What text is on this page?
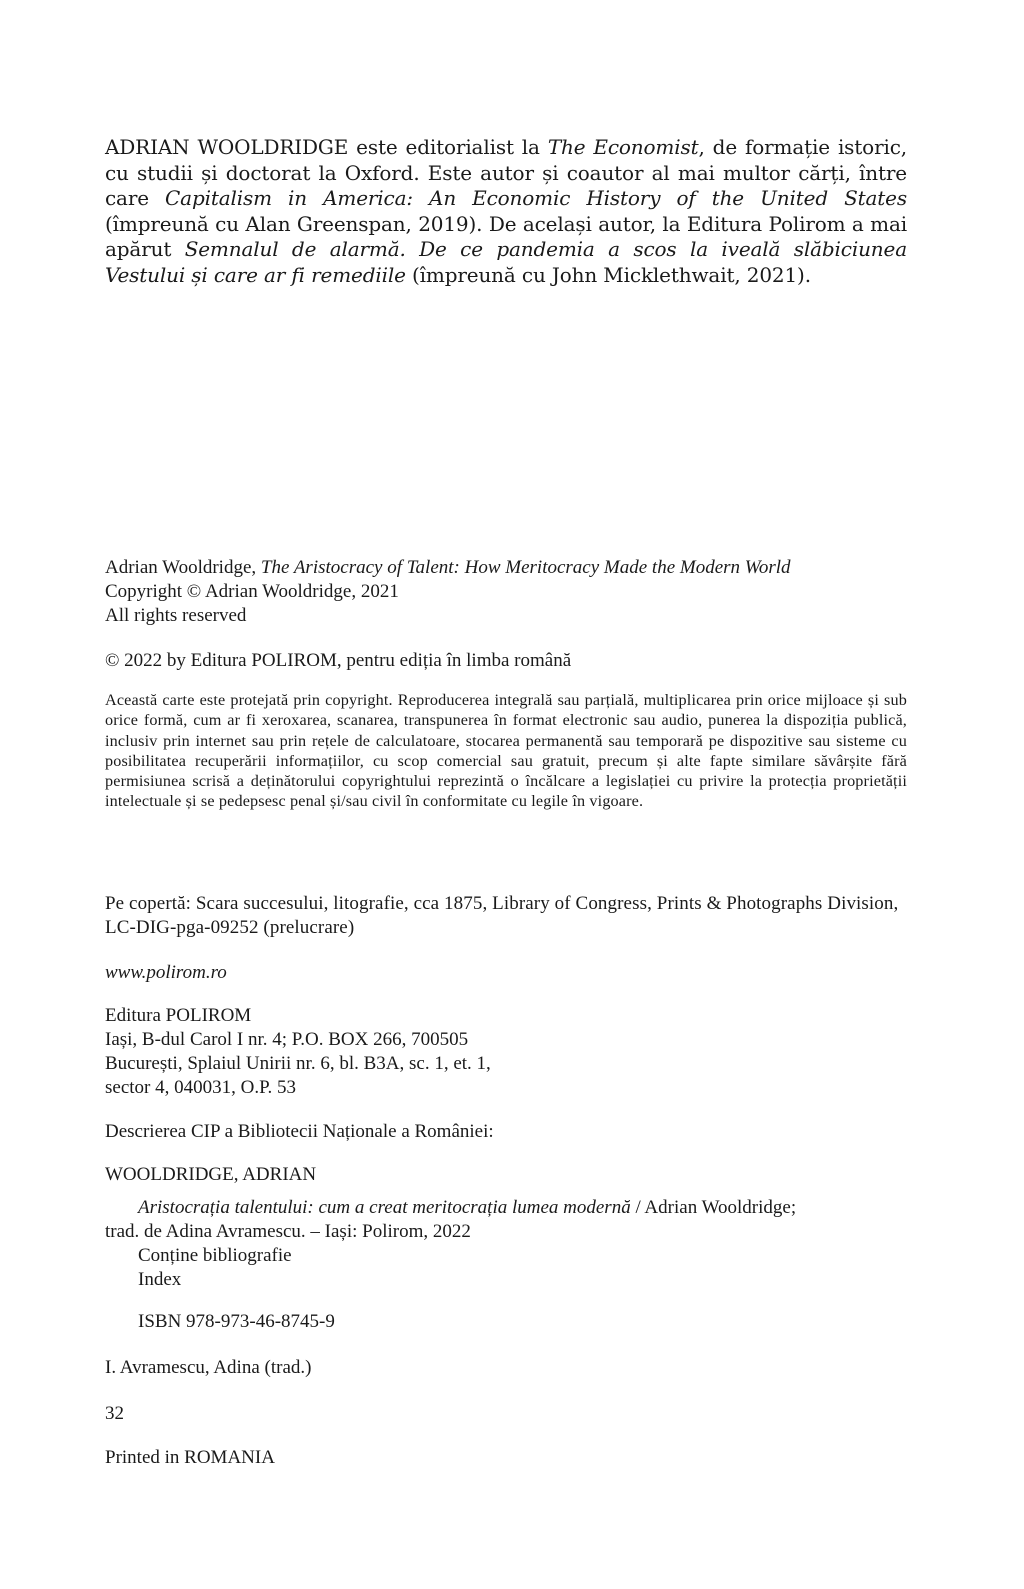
ADRIAN WOOLDRIDGE este editorialist la The Economist, de formație istoric, cu studii și doctorat la Oxford. Este autor și coautor al mai multor cărți, între care Capitalism in America: An Economic History of the United States (împreună cu Alan Greenspan, 2019). De același autor, la Editura Polirom a mai apărut Semnalul de alarmă. De ce pandemia a scos la iveală slăbiciunea Vestului și care ar fi remediile (împreună cu John Micklethwait, 2021).

Adrian Wooldridge, The Aristocracy of Talent: How Meritocracy Made the Modern World

Copyright © Adrian Wooldridge, 2021

All rights reserved

© 2022 by Editura POLIROM, pentru ediția în limba română

Această carte este protejată prin copyright. Reproducerea integrală sau parțială, multiplicarea prin orice mijloace și sub orice formă, cum ar fi xeroxarea, scanarea, transpunerea în format electronic sau audio, punerea la dispoziția publică, inclusiv prin internet sau prin rețele de calculatoare, stocarea permanentă sau temporară pe dispozitive sau sisteme cu posibilitatea recuperării informațiilor, cu scop comercial sau gratuit, precum și alte fapte similare săvârșite fără permisiunea scrisă a deținătorului copyrightului reprezintă o încălcare a legislației cu privire la protecția proprietății intelectuale și se pedepsesc penal și/sau civil în conformitate cu legile în vigoare.

Pe copertă: Scara succesului, litografie, cca 1875, Library of Congress, Prints & Photographs Division, LC-DIG-pga-09252 (prelucrare)

www.polirom.ro

Editura POLIROM

Iași, B-dul Carol I nr. 4; P.O. BOX 266, 700505

București, Splaiul Unirii nr. 6, bl. B3A, sc. 1, et. 1,

sector 4, 040031, O.P. 53

Descrierea CIP a Bibliotecii Naționale a României:

WOOLDRIDGE, ADRIAN

Aristocrația talentului: cum a creat meritocrația lumea modernă / Adrian Wooldridge;

trad. de Adina Avramescu. – Iași: Polirom, 2022

Conține bibliografie

Index

ISBN 978-973-46-8745-9

I. Avramescu, Adina (trad.)

32

Printed in ROMANIA
